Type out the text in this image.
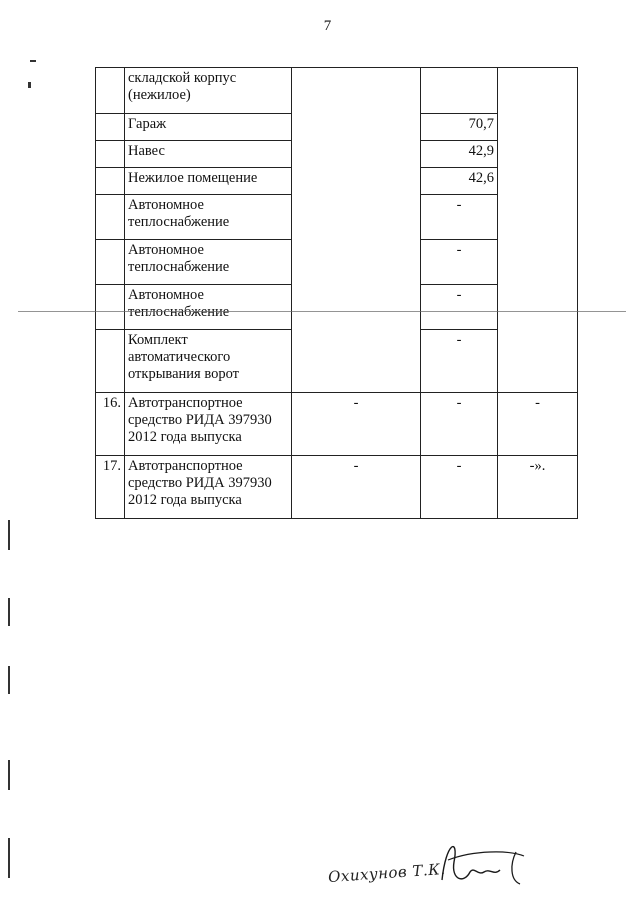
7
	складской корпус (нежилое)			
	Гараж		70,7	
	Навес		42,9	
	Нежилое помещение		42,6	
	Автономное теплоснабжение		-	
	Автономное теплоснабжение		-	
	Автономное теплоснабжение		-	
	Комплект автоматического открывания ворот		-	
16.	Автотранспортное средство РИДА 397930 2012 года выпуска	-	-	-
17.	Автотранспортное средство РИДА 397930 2012 года выпуска	-	-	-».
Охихунов Т.К.
